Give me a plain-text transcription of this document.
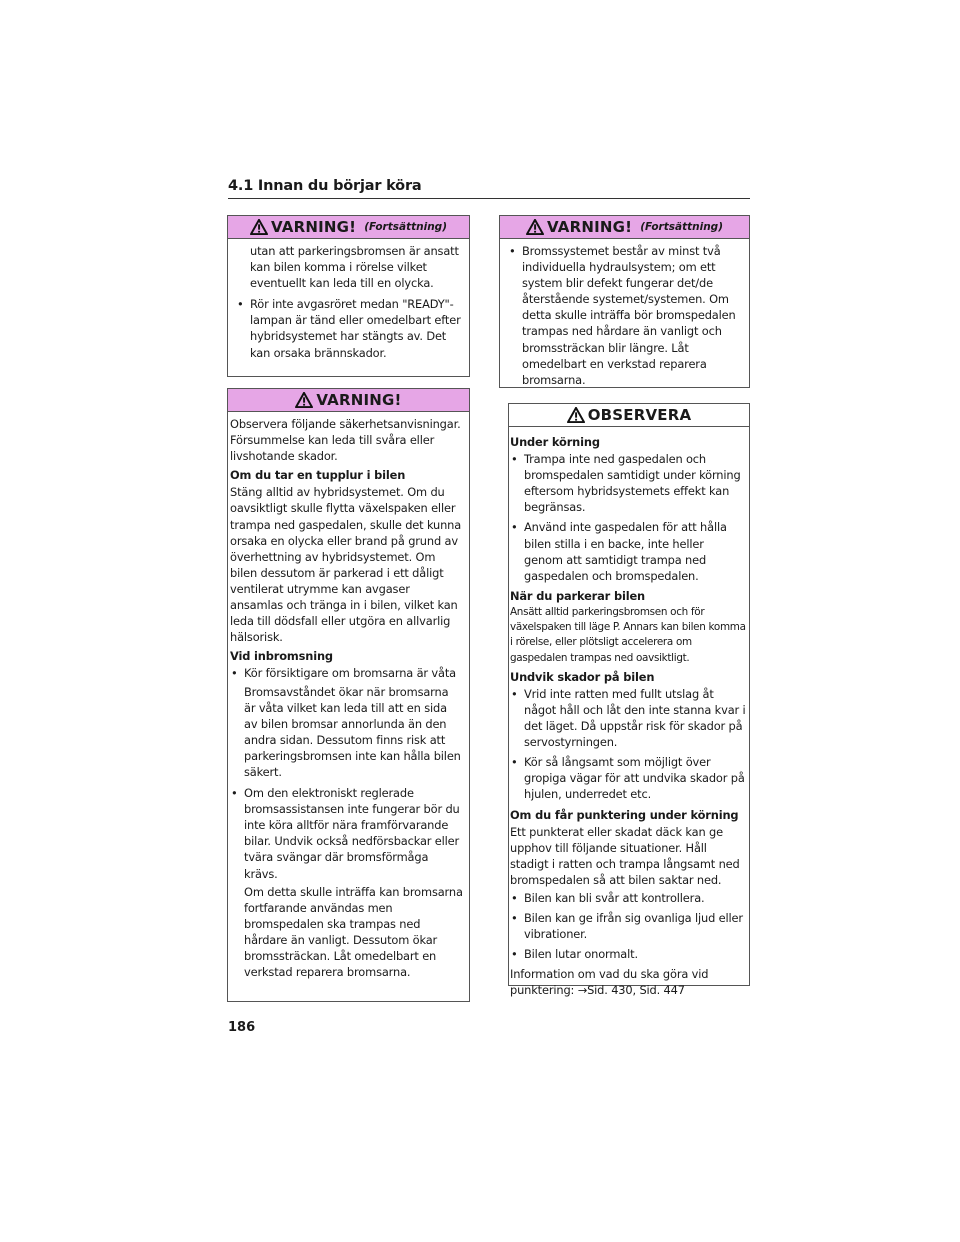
4.1 Innan du börjar köra
VARNING! (Fortsättning)
utan att parkeringsbromsen är ansatt kan bilen komma i rörelse vilket eventuellt kan leda till en olycka.
• Rör inte avgasröret medan "READY"-lampan är tänd eller omedelbart efter hybridsystemet har stängts av. Det kan orsaka brännskador.
VARNING!
Observera följande säkerhetsanvisningar. Försummelse kan leda till svåra eller livshotande skador.
Om du tar en tupplur i bilen
Stäng alltid av hybridsystemet. Om du oavsiktligt skulle flytta växelspaken eller trampa ned gaspedalen, skulle det kunna orsaka en olycka eller brand på grund av överhettning av hybridsystemet. Om bilen dessutom är parkerad i ett dåligt ventilerat utrymme kan avgaser ansamlas och tränga in i bilen, vilket kan leda till dödsfall eller utgöra en allvarlig hälsorisk.
Vid inbromsning
• Kör försiktigare om bromsarna är våta
Bromsavståndet ökar när bromsarna är våta vilket kan leda till att en sida av bilen bromsar annorlunda än den andra sidan. Dessutom finns risk att parkeringsbromsen inte kan hålla bilen säkert.
• Om den elektroniskt reglerade bromsassistansen inte fungerar bör du inte köra alltför nära framförvarande bilar. Undvik också nedförsbackar eller tvära svängar där bromsförmåga krävs.
Om detta skulle inträffa kan bromsarna fortfarande användas men bromspedalen ska trampas ned hårdare än vanligt. Dessutom ökar bromssträckan. Låt omedelbart en verkstad reparera bromsarna.
VARNING! (Fortsättning)
• Bromssystemet består av minst två individuella hydraulsystem; om ett system blir defekt fungerar det/de återstående systemet/systemen. Om detta skulle inträffa bör bromspedalen trampas ned hårdare än vanligt och bromssträckan blir längre. Låt omedelbart en verkstad reparera bromsarna.
OBSERVERA
Under körning
• Trampa inte ned gaspedalen och bromspedalen samtidigt under körning eftersom hybridsystemets effekt kan begränsas.
• Använd inte gaspedalen för att hålla bilen stilla i en backe, inte heller genom att samtidigt trampa ned gaspedalen och bromspedalen.
När du parkerar bilen
Ansätt alltid parkeringsbromsen och för växelspaken till läge P. Annars kan bilen komma i rörelse, eller plötsligt accelerera om gaspedalen trampas ned oavsiktligt.
Undvik skador på bilen
• Vrid inte ratten med fullt utslag åt något håll och låt den inte stanna kvar i det läget. Då uppstår risk för skador på servostyrningen.
• Kör så långsamt som möjligt över gropiga vägar för att undvika skador på hjulen, underredet etc.
Om du får punktering under körning
Ett punkterat eller skadat däck kan ge upphov till följande situationer. Håll stadigt i ratten och trampa långsamt ned bromspedalen så att bilen saktar ned.
• Bilen kan bli svår att kontrollera.
• Bilen kan ge ifrån sig ovanliga ljud eller vibrationer.
• Bilen lutar onormalt.
Information om vad du ska göra vid punktering: →Sid. 430, Sid. 447
186
